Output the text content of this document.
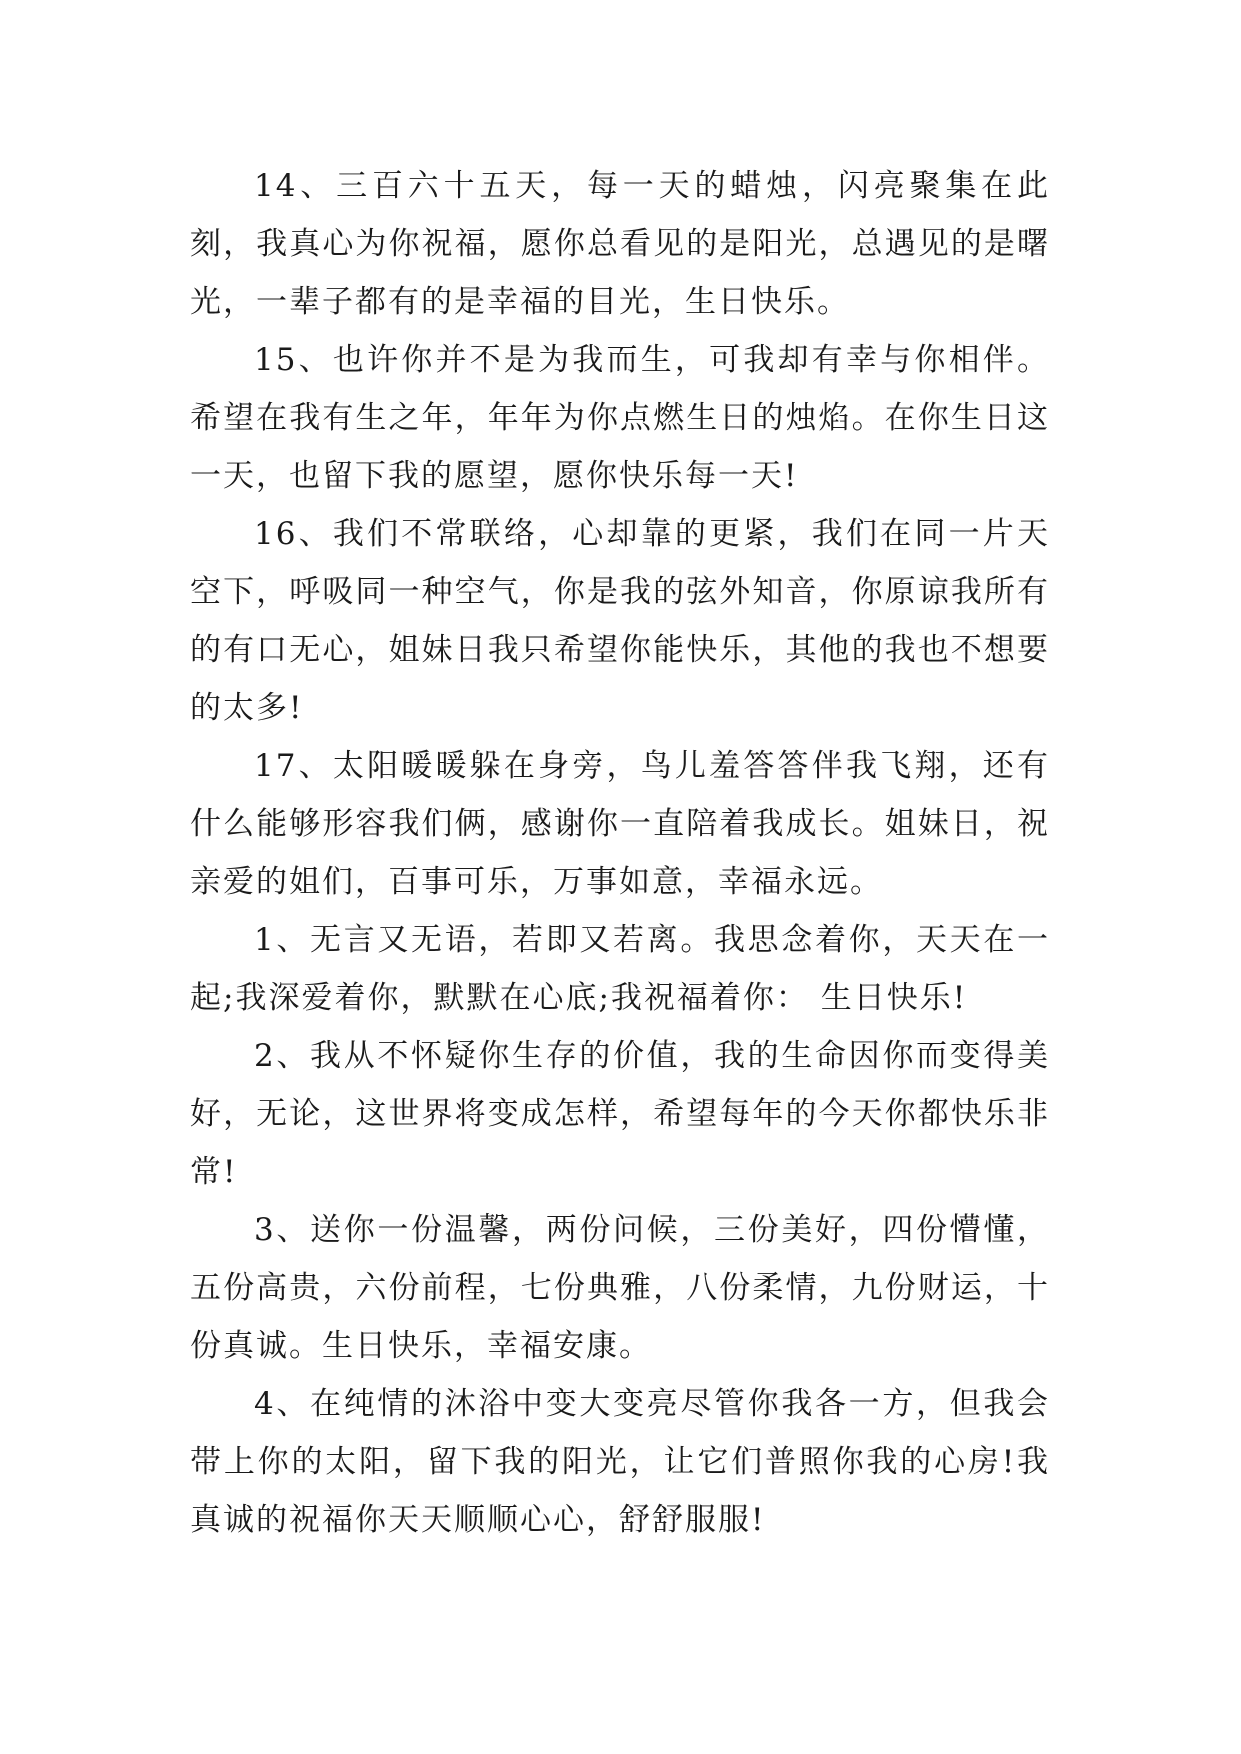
14、三百六十五天，每一天的蜡烛，闪亮聚集在此刻，我真心为你祝福，愿你总看见的是阳光，总遇见的是曙光，一辈子都有的是幸福的目光，生日快乐。

15、也许你并不是为我而生，可我却有幸与你相伴。希望在我有生之年，年年为你点燃生日的烛焰。在你生日这一天，也留下我的愿望，愿你快乐每一天!

16、我们不常联络，心却靠的更紧，我们在同一片天空下，呼吸同一种空气，你是我的弦外知音，你原谅我所有的有口无心，姐妹日我只希望你能快乐，其他的我也不想要的太多!

17、太阳暖暖躲在身旁，鸟儿羞答答伴我飞翔，还有什么能够形容我们俩，感谢你一直陪着我成长。姐妹日，祝亲爱的姐们，百事可乐，万事如意，幸福永远。

1、无言又无语，若即又若离。我思念着你，天天在一起;我深爱着你，默默在心底;我祝福着你： 生日快乐!

2、我从不怀疑你生存的价值，我的生命因你而变得美好，无论，这世界将变成怎样，希望每年的今天你都快乐非常!

3、送你一份温馨，两份问候，三份美好，四份懵懂，五份高贵，六份前程，七份典雅，八份柔情，九份财运，十份真诚。生日快乐，幸福安康。

4、在纯情的沐浴中变大变亮尽管你我各一方，但我会带上你的太阳，留下我的阳光，让它们普照你我的心房!我真诚的祝福你天天顺顺心心，舒舒服服!
